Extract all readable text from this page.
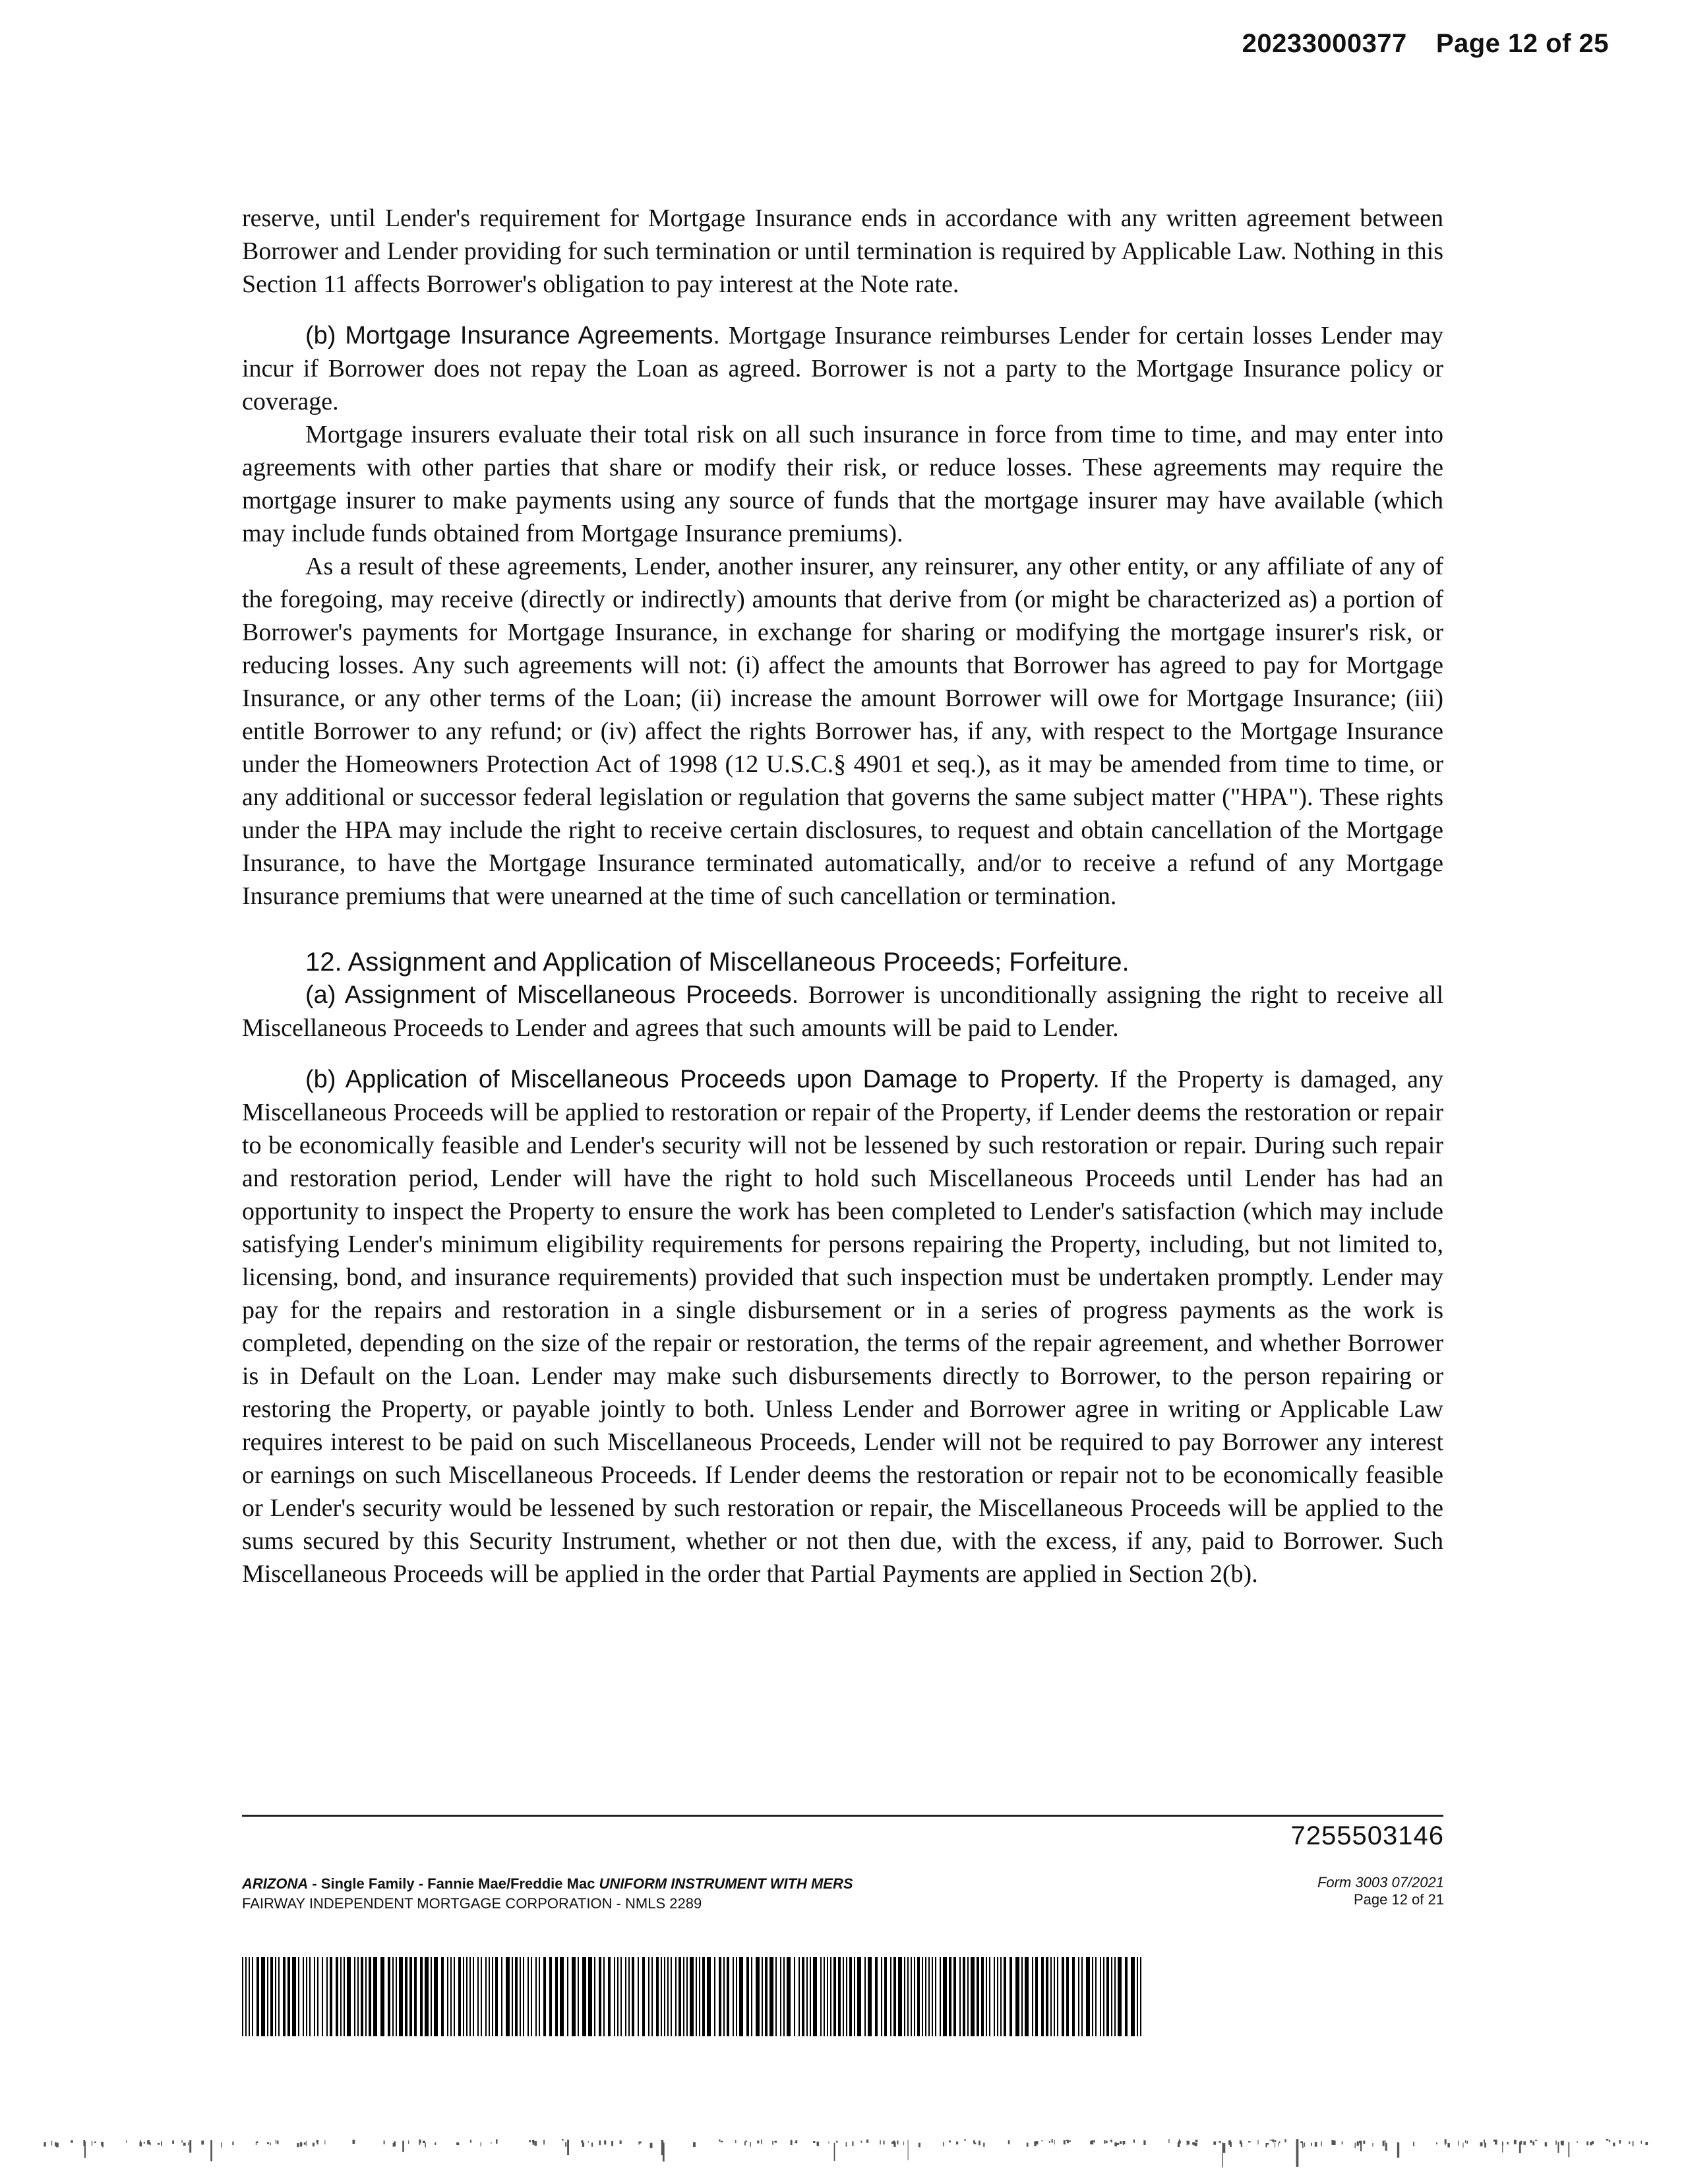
20233000377 Page 12 of 25

reserve, until Lender's requirement for Mortgage Insurance ends in accordance with any written agreement between Borrower and Lender providing for such termination or until termination is required by Applicable Law. Nothing in this Section 11 affects Borrower's obligation to pay interest at the Note rate.

(b) Mortgage Insurance Agreements. Mortgage Insurance reimburses Lender for certain losses Lender may incur if Borrower does not repay the Loan as agreed. Borrower is not a party to the Mortgage Insurance policy or coverage.

Mortgage insurers evaluate their total risk on all such insurance in force from time to time, and may enter into agreements with other parties that share or modify their risk, or reduce losses. These agreements may require the mortgage insurer to make payments using any source of funds that the mortgage insurer may have available (which may include funds obtained from Mortgage Insurance premiums).

As a result of these agreements, Lender, another insurer, any reinsurer, any other entity, or any affiliate of any of the foregoing, may receive (directly or indirectly) amounts that derive from (or might be characterized as) a portion of Borrower's payments for Mortgage Insurance, in exchange for sharing or modifying the mortgage insurer's risk, or reducing losses. Any such agreements will not: (i) affect the amounts that Borrower has agreed to pay for Mortgage Insurance, or any other terms of the Loan; (ii) increase the amount Borrower will owe for Mortgage Insurance; (iii) entitle Borrower to any refund; or (iv) affect the rights Borrower has, if any, with respect to the Mortgage Insurance under the Homeowners Protection Act of 1998 (12 U.S.C.§ 4901 et seq.), as it may be amended from time to time, or any additional or successor federal legislation or regulation that governs the same subject matter ("HPA"). These rights under the HPA may include the right to receive certain disclosures, to request and obtain cancellation of the Mortgage Insurance, to have the Mortgage Insurance terminated automatically, and/or to receive a refund of any Mortgage Insurance premiums that were unearned at the time of such cancellation or termination.

12. Assignment and Application of Miscellaneous Proceeds; Forfeiture.

(a) Assignment of Miscellaneous Proceeds. Borrower is unconditionally assigning the right to receive all Miscellaneous Proceeds to Lender and agrees that such amounts will be paid to Lender.

(b) Application of Miscellaneous Proceeds upon Damage to Property. If the Property is damaged, any Miscellaneous Proceeds will be applied to restoration or repair of the Property, if Lender deems the restoration or repair to be economically feasible and Lender's security will not be lessened by such restoration or repair. During such repair and restoration period, Lender will have the right to hold such Miscellaneous Proceeds until Lender has had an opportunity to inspect the Property to ensure the work has been completed to Lender's satisfaction (which may include satisfying Lender's minimum eligibility requirements for persons repairing the Property, including, but not limited to, licensing, bond, and insurance requirements) provided that such inspection must be undertaken promptly. Lender may pay for the repairs and restoration in a single disbursement or in a series of progress payments as the work is completed, depending on the size of the repair or restoration, the terms of the repair agreement, and whether Borrower is in Default on the Loan. Lender may make such disbursements directly to Borrower, to the person repairing or restoring the Property, or payable jointly to both. Unless Lender and Borrower agree in writing or Applicable Law requires interest to be paid on such Miscellaneous Proceeds, Lender will not be required to pay Borrower any interest or earnings on such Miscellaneous Proceeds. If Lender deems the restoration or repair not to be economically feasible or Lender's security would be lessened by such restoration or repair, the Miscellaneous Proceeds will be applied to the sums secured by this Security Instrument, whether or not then due, with the excess, if any, paid to Borrower. Such Miscellaneous Proceeds will be applied in the order that Partial Payments are applied in Section 2(b).

7255503146
ARIZONA - Single Family - Fannie Mae/Freddie Mac UNIFORM INSTRUMENT WITH MERS
FAIRWAY INDEPENDENT MORTGAGE CORPORATION - NMLS 2289
Form 3003 07/2021
Page 12 of 21
